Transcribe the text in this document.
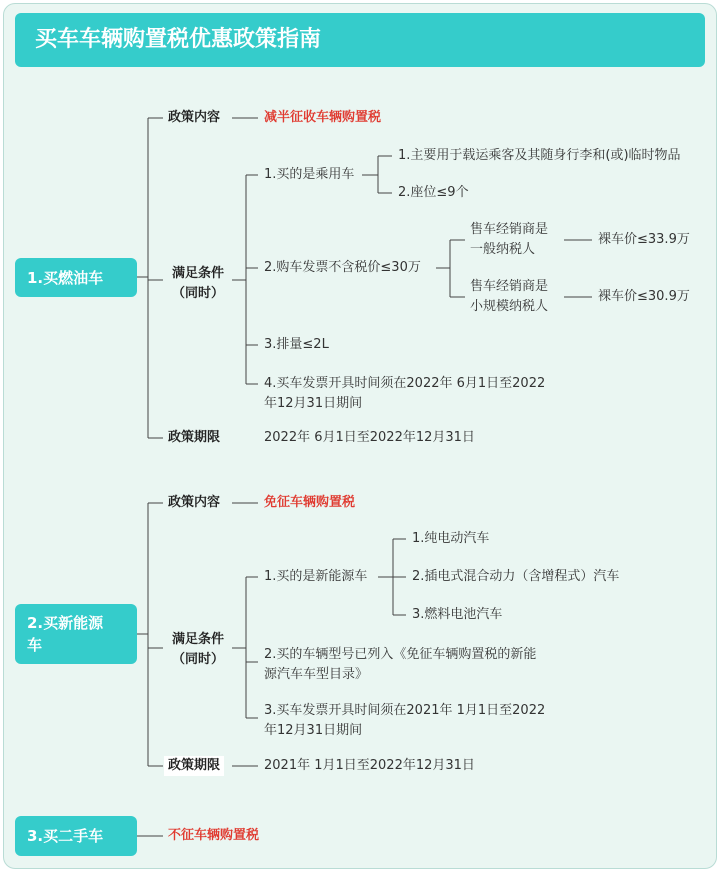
买车车辆购置税优惠政策指南
1.买燃油车
政策内容	减半征收车辆购置税
满足条件
（同时）
1.买的是乘用车
1.主要用于载运乘客及其随身行李和(或)临时物品
2.座位≤9个
2.购车发票不含税价≤30万
售车经销商是
一般纳税人
裸车价≤33.9万
售车经销商是
小规模纳税人
裸车价≤30.9万
3.排量≤2L
4.买车发票开具时间须在2022年 6月1日至2022
年12月31日期间
政策期限	2022年 6月1日至2022年12月31日
2.买新能源
车
政策内容	免征车辆购置税
满足条件
（同时）
1.买的是新能源车
1.纯电动汽车
2.插电式混合动力（含增程式）汽车
3.燃料电池汽车
2.买的车辆型号已列入《免征车辆购置税的新能
源汽车车型目录》
3.买车发票开具时间须在2021年 1月1日至2022
年12月31日期间
政策期限	2021年 1月1日至2022年12月31日
3.买二手车	不征车辆购置税
